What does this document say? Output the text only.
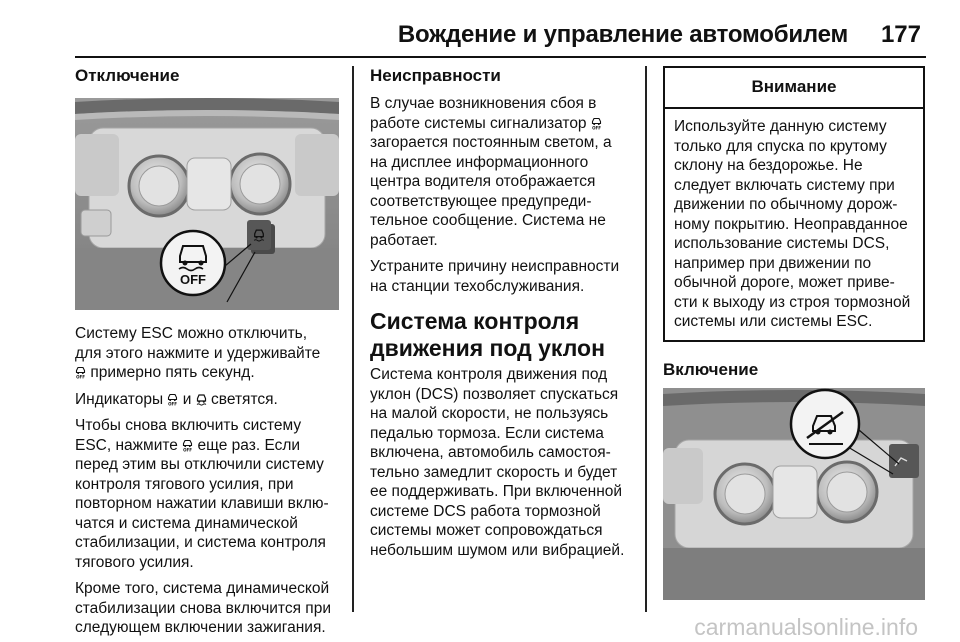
Вождение и управление автомобилем 177
Отключение
OFF

Систему ESC можно отключить,

для этого нажмите и удерживайте

примерно пять секунд.

Индикаторы и светятся.

Чтобы снова включить систему

ESC, нажмите еще раз. Если

перед этим вы отключили систему

контроля тягового усилия, при

повторном нажатии клавиши вклю‑

чатся и система динамической

стабилизации, и система контроля

тягового усилия.

Кроме того, система динамической

стабилизации снова включится при

следующем включении зажигания.

Неисправности

В случае возникновения сбоя в

работе системы сигнализатор

загорается постоянным светом, а

на дисплее информационного

центра водителя отображается

соответствующее предупреди‑

тельное сообщение. Система не

работает.

Устраните причину неисправности

на станции техобслуживания.

Система контроля
движения под уклон

Система контроля движения под

уклон (DCS) позволяет спускаться

на малой скорости, не пользуясь

педалью тормоза. Если система

включена, автомобиль самостоя‑

тельно замедлит скорость и будет

ее поддерживать. При включенной

системе DCS работа тормозной

системы может сопровождаться

небольшим шумом или вибрацией.

Внимание

Используйте данную систему

только для спуска по крутому

склону на бездорожье. Не

следует включать систему при

движении по обычному дорож‑

ному покрытию. Неоправданное

использование системы DCS,

например при движении по

обычной дороге, может приве‑

сти к выходу из строя тормозной

системы или системы ESC.

Включение
carmanualsonline.info
